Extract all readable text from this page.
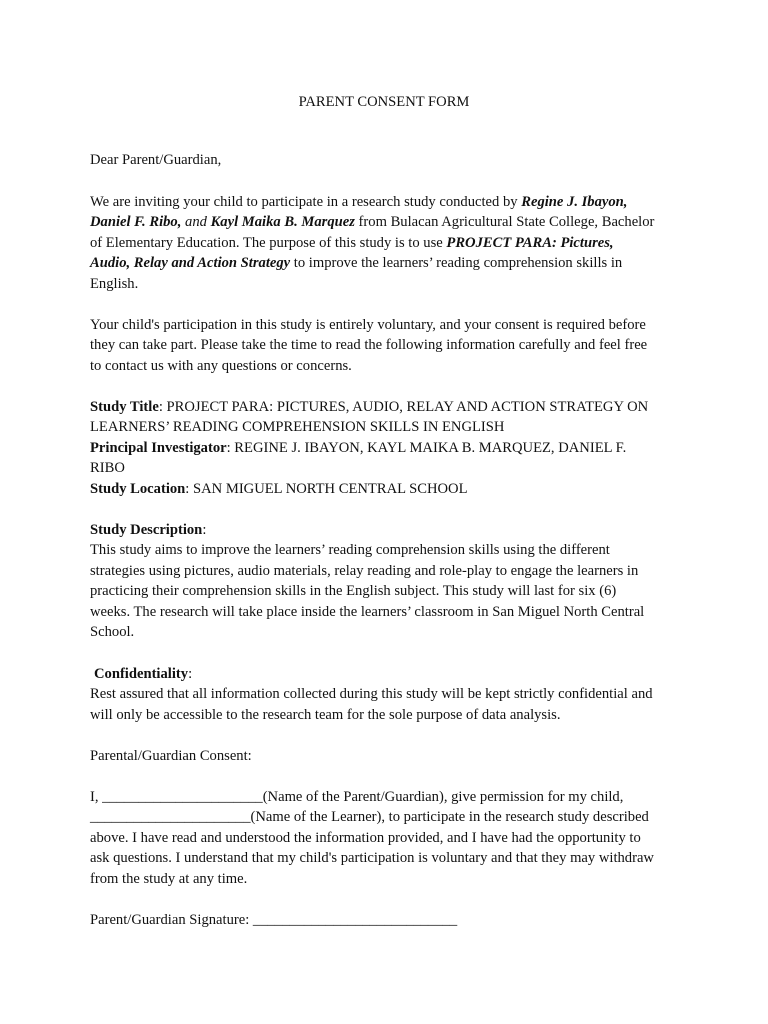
PARENT CONSENT FORM
Dear Parent/Guardian,
We are inviting your child to participate in a research study conducted by Regine J. Ibayon,
Daniel F. Ribo, and Kayl Maika B. Marquez from Bulacan Agricultural State College, Bachelor
of Elementary Education. The purpose of this study is to use PROJECT PARA: Pictures,
Audio, Relay and Action Strategy to improve the learners’ reading comprehension skills in
English.
Your child's participation in this study is entirely voluntary, and your consent is required before
they can take part. Please take the time to read the following information carefully and feel free
to contact us with any questions or concerns.
Study Title: PROJECT PARA: PICTURES, AUDIO, RELAY AND ACTION STRATEGY ON
LEARNERS’ READING COMPREHENSION SKILLS IN ENGLISH
Principal Investigator: REGINE J. IBAYON, KAYL MAIKA B. MARQUEZ, DANIEL F.
RIBO
Study Location: SAN MIGUEL NORTH CENTRAL SCHOOL
Study Description:
This study aims to improve the learners’ reading comprehension skills using the different
strategies using pictures, audio materials, relay reading and role-play to engage the learners in
practicing their comprehension skills in the English subject. This study will last for six (6)
weeks. The research will take place inside the learners’ classroom in San Miguel North Central
School.
Confidentiality:
Rest assured that all information collected during this study will be kept strictly confidential and
will only be accessible to the research team for the sole purpose of data analysis.
Parental/Guardian Consent:
I, ______________________(Name of the Parent/Guardian), give permission for my child,
______________________(Name of the Learner), to participate in the research study described
above. I have read and understood the information provided, and I have had the opportunity to
ask questions. I understand that my child's participation is voluntary and that they may withdraw
from the study at any time.
Parent/Guardian Signature: ____________________________
